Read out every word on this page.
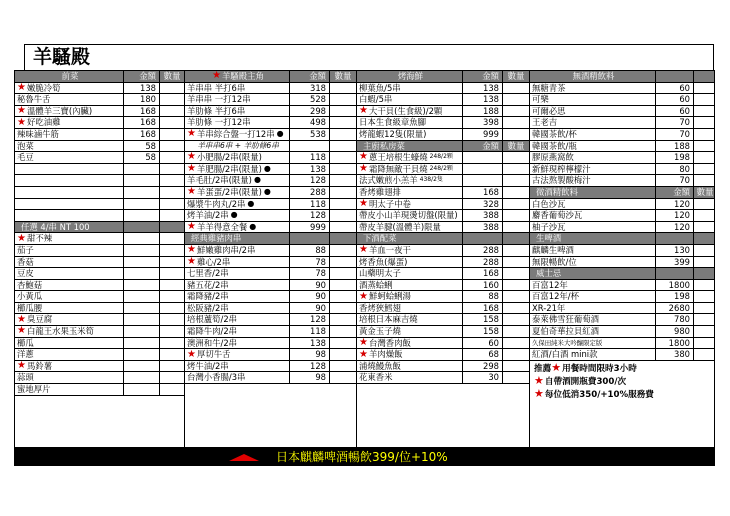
羊騷殿
前菜	金額 數量
★ 嫩脆冷筍	138
秘魯牛舌	180
★ 溫體羊三寶(內臟)	168
★ 好吃油雞	168
辣味滷牛筋	168
泡菜	58
毛豆	58
任選 4/串 NT 100
★ 甜不辣
茄子
香菇
豆皮
杏鮑菇
小黃瓜
櫛瓜腰
★ 臭豆腐
★ 白龍王水果玉米筍
櫛瓜
洋蔥
★ 馬鈴薯
蒜頭
蜜地厚片
★ 羊騷殿主角	金額	數量
羊串串 半打6串	318
羊串串 一打12串	528
羊肋條 半打6串	298
羊肋條 一打12串	498
★ 羊串綜合盤一打12串 ●	538
羊串串6串 + 羊肋條6串
★ 小肥腸/2串(限量)	118
★ 羊肥腸/2串(限量) ●	138
羊毛肚/2串(限量) ●	128
★ 羊蛋蛋/2串(限量) ●	288
爆漿牛肉丸/2串 ●	118
烤羊油/2串 ●	128
★ 羊羊得意全餐 ●	999
經典雞豬肉串
★ 鮮嫩雞肉串/2串	88
★ 雞心/2串	78
七里香/2串	78
豬五花/2串	90
霜降豬/2串	90
松阪豬/2串	90
培根蘆筍/2串	128
霜降牛肉/2串	118
澳洲和牛/2串	138
★ 厚切牛舌	98
烤牛油/2串	128
台灣小香腸/3串	98
烤海鮮	金額	數量
柳葉魚/5串	138
白蝦/5串	138
★ 大干貝(生食級)/2顆	188
日本生食級章魚腳	398
烤龍蝦12隻(限量)	999
主廚私房菜	金額	數量
★ 蔥王培根生蠔燒 248/2顆
★ 霜降無敵干貝燒 248/2顆
法式嫩煎小羔羊 438/2隻
香烤雞翅排	168
★ 明太子中卷	328
帶皮小山羊現燙切盤(限量)	388
帶皮羊腱(溫體羊)限量	388
下酒配菜
★ 羊血一夜干	288
烤香魚(爆蛋)	288
山藥明太子	168
酒蒸蛤蜊	160
★ 鮮蚵蛤蜊湯	88
香烤狹鱈翅	168
培根日本麻吉燒	158
黃金玉子燒	158
★ 台灣香肉飯	60
★ 羊肉燥飯	68
浦燒鰻魚飯	298
花東香米	30
無酒精飲料
無糖青茶	60
可樂	60
可爾必思	60
王老吉	70
韓國茶飲/杯	70
韓國茶飲/瓶	188
膠原燕窩飲	198
新鮮現榨檸檬汁	80
古法熬製酸梅汁	70
微酒精飲料	金額 數量
白色沙瓦	120
麝香葡萄沙瓦	120
柚子沙瓦	120
生啤酒
麒麟生啤酒	130
無限暢飲/位	399
威士忌
百富12年	1800
百富12年/杯	198
XR-21年	2680
泰萊佛雪狂葡萄酒	780
夏伯奇華拉貝紅酒	980
久保田純米大吟釀限定版	1800
紅酒/白酒 mini款	380
推薦★用餐時間限時3小時
★自帶酒開瓶費300/次
★每位低消350/+10%服務費
日本麒麟啤酒暢飲399/位+10%
